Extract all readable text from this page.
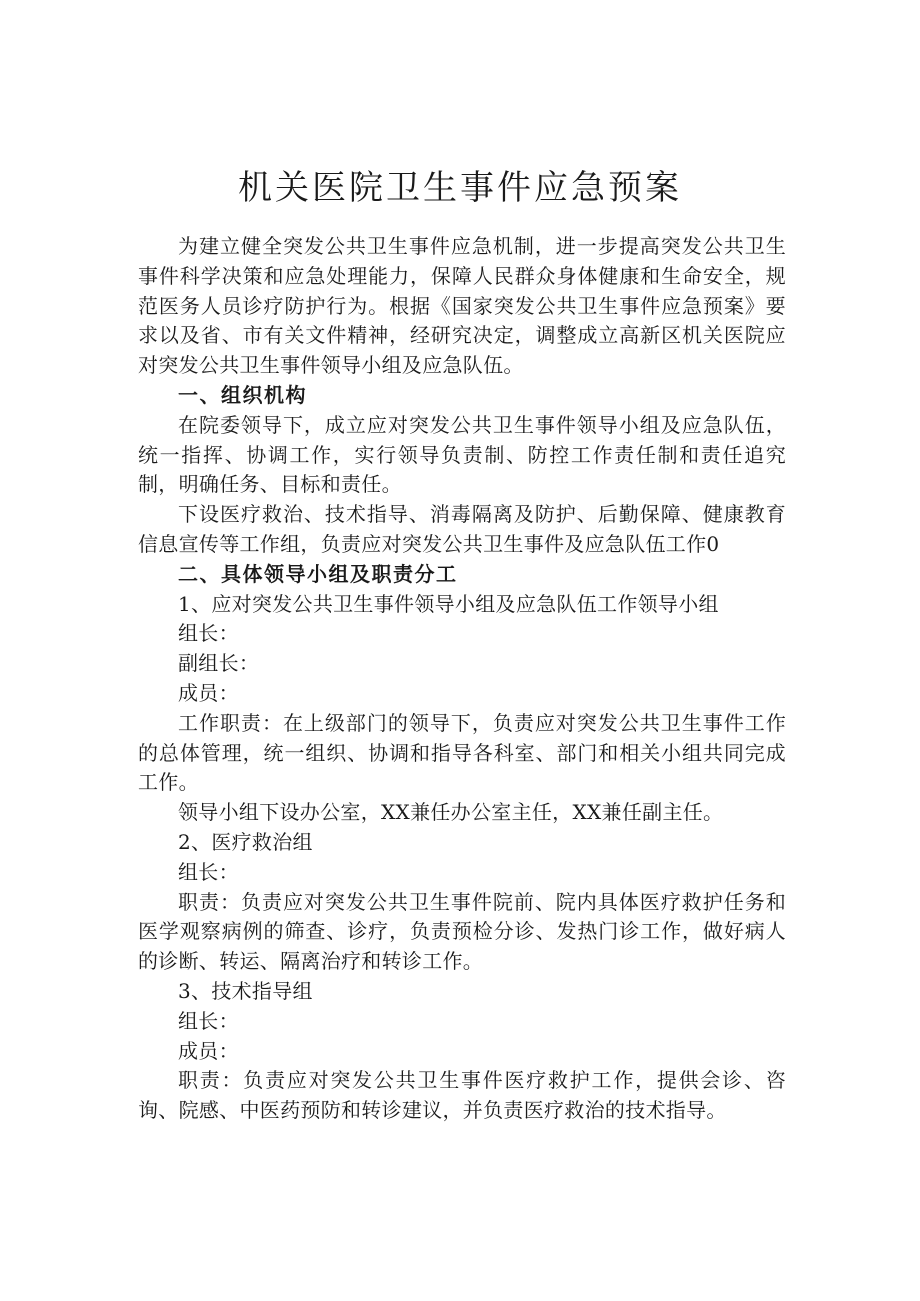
机关医院卫生事件应急预案

为建立健全突发公共卫生事件应急机制，进一步提高突发公共卫生事件科学决策和应急处理能力，保障人民群众身体健康和生命安全，规范医务人员诊疗防护行为。根据《国家突发公共卫生事件应急预案》要求以及省、市有关文件精神，经研究决定，调整成立高新区机关医院应对突发公共卫生事件领导小组及应急队伍。

一、组织机构

在院委领导下，成立应对突发公共卫生事件领导小组及应急队伍，统一指挥、协调工作，实行领导负责制、防控工作责任制和责任追究制，明确任务、目标和责任。

下设医疗救治、技术指导、消毒隔离及防护、后勤保障、健康教育信息宣传等工作组，负责应对突发公共卫生事件及应急队伍工作0

二、具体领导小组及职责分工

1、应对突发公共卫生事件领导小组及应急队伍工作领导小组

组长：

副组长：

成员：

工作职责：在上级部门的领导下，负责应对突发公共卫生事件工作的总体管理，统一组织、协调和指导各科室、部门和相关小组共同完成工作。

领导小组下设办公室，XX兼任办公室主任，XX兼任副主任。

2、医疗救治组

组长：

职责：负责应对突发公共卫生事件院前、院内具体医疗救护任务和医学观察病例的筛查、诊疗，负责预检分诊、发热门诊工作，做好病人的诊断、转运、隔离治疗和转诊工作。

3、技术指导组

组长：

成员：

职责：负责应对突发公共卫生事件医疗救护工作，提供会诊、咨询、院感、中医药预防和转诊建议，并负责医疗救治的技术指导。
